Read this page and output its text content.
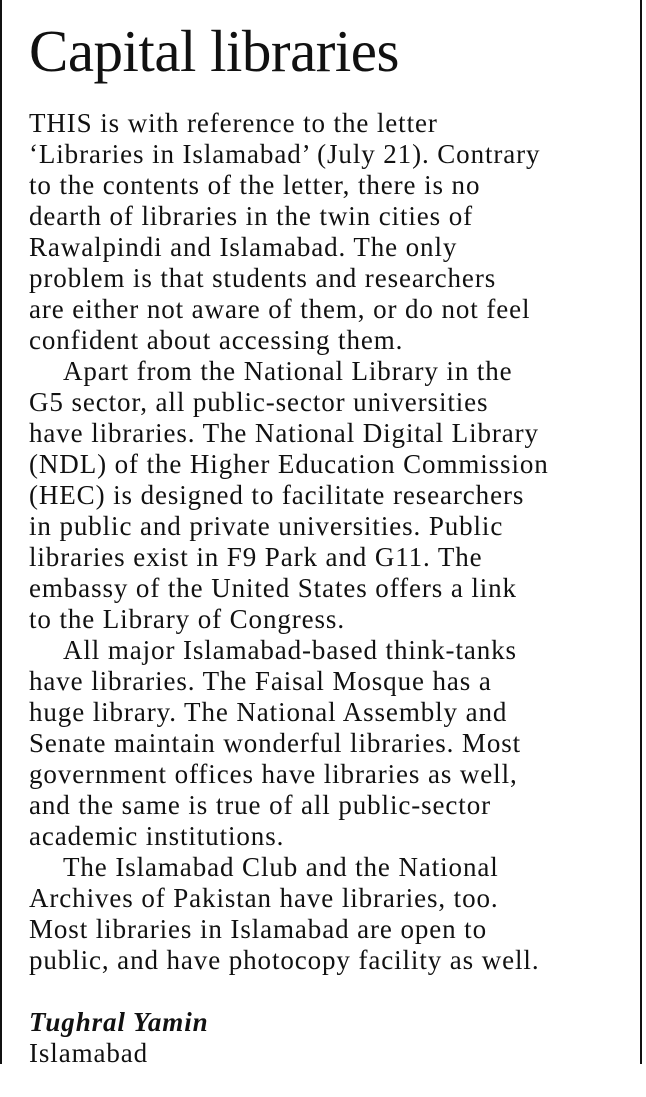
Capital libraries

THIS is with reference to the letter
‘Libraries in Islamabad’ (July 21). Contrary
to the contents of the letter, there is no
dearth of libraries in the twin cities of
Rawalpindi and Islamabad. The only
problem is that students and researchers
are either not aware of them, or do not feel
confident about accessing them.

Apart from the National Library in the
G5 sector, all public-sector universities
have libraries. The National Digital Library
(NDL) of the Higher Education Commission
(HEC) is designed to facilitate researchers
in public and private universities. Public
libraries exist in F9 Park and G11. The
embassy of the United States offers a link
to the Library of Congress.

All major Islamabad-based think-tanks
have libraries. The Faisal Mosque has a
huge library. The National Assembly and
Senate maintain wonderful libraries. Most
government offices have libraries as well,
and the same is true of all public-sector
academic institutions.

The Islamabad Club and the National
Archives of Pakistan have libraries, too.
Most libraries in Islamabad are open to
public, and have photocopy facility as well.

Tughral Yamin
Islamabad
